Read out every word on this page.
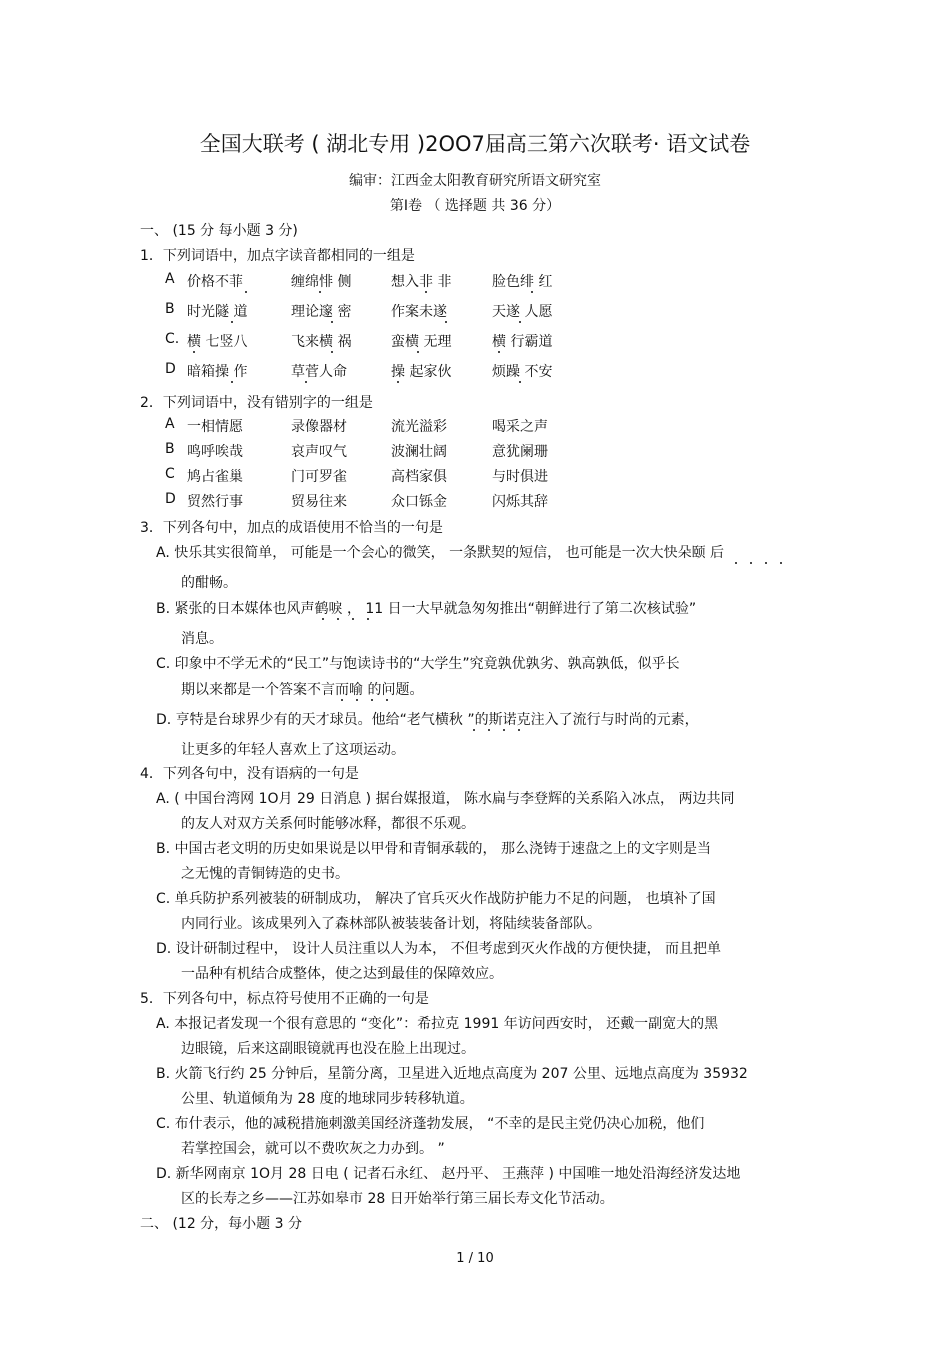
全国大联考 ( 湖北专用 )2OO7届高三第六次联考· 语文试卷
编审：江西金太阳教育研究所语文研究室
第Ⅰ卷 （ 选择题 共 36 分）
一、 (15 分 每小题 3 分)
1．下列词语中，加点字读音都相同的一组是
A 价格不菲	缠绵悱 侧	想入非 非	脸色绯 红
B 时光隧 道	理论邃 密	作案未遂	天遂 人愿
C. 横 七竖八	飞来横 祸	蛮横 无理	横 行霸道
D 暗箱操 作	草菅人命	操 起家伙	烦躁 不安
2．下列词语中，没有错别字的一组是
A 一相情愿	录像器材	流光溢彩	喝采之声
B 鸣呼唉哉	哀声叹气	波澜壮阔	意犹阑珊
C 鸠占雀巢	门可罗雀	高档家俱	与时俱进
D 贸然行事	贸易往来	众口铄金	闪烁其辞
3．下列各句中，加点的成语使用不恰当的一句是
A. 快乐其实很简单， 可能是一个会心的微笑， 一条默契的短信， 也可能是一次大快朵颐 后
的酣畅。
B. 紧张的日本媒体也风声鹤唳 ， 11 日一大早就急匆匆推出“朝鲜进行了第二次核试验”
消息。
C. 印象中不学无术的“民工”与饱读诗书的“大学生”究竟孰优孰劣、孰高孰低，似乎长
期以来都是一个答案不言而喻 的问题。
D. 亨特是台球界少有的天才球员。他给“老气横秋 ”的斯诺克注入了流行与时尚的元素，
让更多的年轻人喜欢上了这项运动。
4．下列各句中，没有语病的一句是
A. ( 中国台湾网 1O月 29 日消息 ) 据台媒报道， 陈水扁与李登辉的关系陷入冰点， 两边共同
的友人对双方关系何时能够冰释，都很不乐观。
B. 中国古老文明的历史如果说是以甲骨和青铜承载的， 那么浇铸于速盘之上的文字则是当
之无愧的青铜铸造的史书。
C. 单兵防护系列被装的研制成功， 解决了官兵灭火作战防护能力不足的问题， 也填补了国
内同行业。该成果列入了森林部队被装装备计划，将陆续装备部队。
D. 设计研制过程中， 设计人员注重以人为本， 不但考虑到灭火作战的方便快捷， 而且把单
一品种有机结合成整体，使之达到最佳的保障效应。
5．下列各句中，标点符号使用不正确的一句是
A. 本报记者发现一个很有意思的 “变化”：希拉克 1991 年访问西安时， 还戴一副宽大的黑
边眼镜，后来这副眼镜就再也没在脸上出现过。
B. 火箭飞行约 25 分钟后，星箭分离，卫星进入近地点高度为 207 公里、远地点高度为 35932
公里、轨道倾角为 28 度的地球同步转移轨道。
C. 布什表示，他的减税措施刺激美国经济蓬勃发展， “不幸的是民主党仍决心加税，他们
若掌控国会，就可以不费吹灰之力办到。 ”
D. 新华网南京 1O月 28 日电 ( 记者石永红、 赵丹平、 王燕萍 ) 中国唯一地处沿海经济发达地
区的长寿之乡——江苏如皋市 28 日开始举行第三届长寿文化节活动。
二、 (12 分，每小题 3 分
1 / 10
